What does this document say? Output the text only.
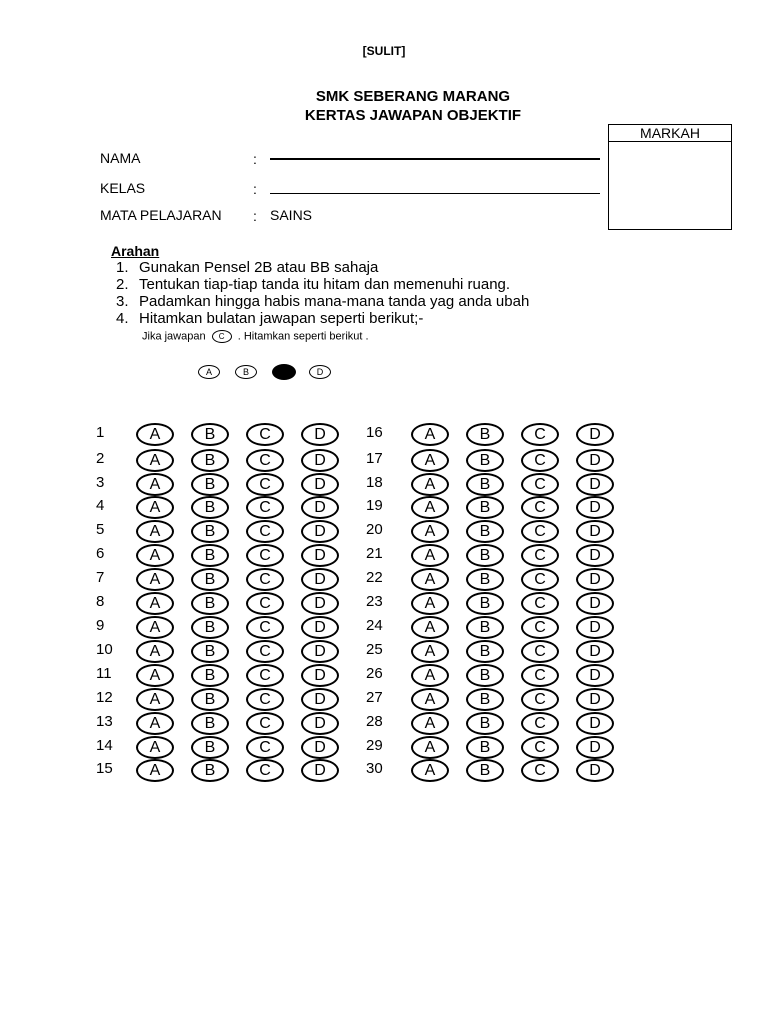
[SULIT]
SMK SEBERANG MARANG
KERTAS JAWAPAN OBJEKTIF
MARKAH
NAMA	:
KELAS	:
MATA PELAJARAN : SAINS
Arahan
1. Gunakan Pensel 2B atau BB sahaja
2. Tentukan tiap-tiap tanda itu hitam dan memenuhi ruang.
3. Padamkan hingga habis mana-mana tanda yag anda ubah
4. Hitamkan bulatan jawapan seperti berikut;-
Jika jawapan C . Hitamkan seperti berikut .
A	B	D
1	A	B	C	D
2	A	B	C	D
3	A	B	C	D
4	A	B	C	D
5	A	B	C	D
6	A	B	C	D
7	A	B	C	D
8	A	B	C	D
9	A	B	C	D
10	A	B	C	D
11	A	B	C	D
12	A	B	C	D
13	A	B	C	D
14	A	B	C	D
15	A	B	C	D
16	A	B	C	D
17	A	B	C	D
18	A	B	C	D
19	A	B	C	D
20	A	B	C	D
21	A	B	C	D
22	A	B	C	D
23	A	B	C	D
24	A	B	C	D
25	A	B	C	D
26	A	B	C	D
27	A	B	C	D
28	A	B	C	D
29	A	B	C	D
30	A	B	C	D
